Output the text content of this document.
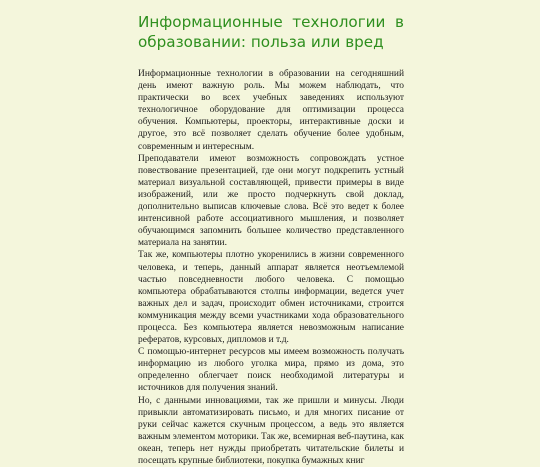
Информационные технологии в образовании: польза или вред

Информационные технологии в образовании на сегодняшний день имеют важную роль. Мы можем наблюдать, что практически во всех учебных заведениях используют технологичное оборудование для оптимизации процесса обучения. Компьютеры, проекторы, интерактивные доски и другое, это всё позволяет сделать обучение более удобным, современным и интересным.

Преподаватели имеют возможность сопровождать устное повествование презентацией, где они могут подкрепить устный материал визуальной составляющей, привести примеры в виде изображений, или же просто подчеркнуть свой доклад, дополнительно выписав ключевые слова. Всё это ведет к более интенсивной работе ассоциативного мышления, и позволяет обучающимся запомнить большее количество представленного материала на занятии.

Так же, компьютеры плотно укоренились в жизни современного человека, и теперь, данный аппарат является неотъемлемой частью повседневности любого человека. С помощью компьютера обрабатываются столпы информации, ведется учет важных дел и задач, происходит обмен источниками, строится коммуникация между всеми участниками хода образовательного процесса. Без компьютера является невозможным написание рефератов, курсовых, дипломов и т.д.

С помощью-интернет ресурсов мы имеем возможность получать информацию из любого уголка мира, прямо из дома, это определенно облегчает поиск необходимой литературы и источников для получения знаний.

Но, с данными инновациями, так же пришли и минусы. Люди привыкли автоматизировать письмо, и для многих писание от руки сейчас кажется скучным процессом, а ведь это является важным элементом моторики. Так же, всемирная веб-паутина, как океан, теперь нет нужды приобретать читательские билеты и посещать крупные библиотеки, покупка бумажных книг
